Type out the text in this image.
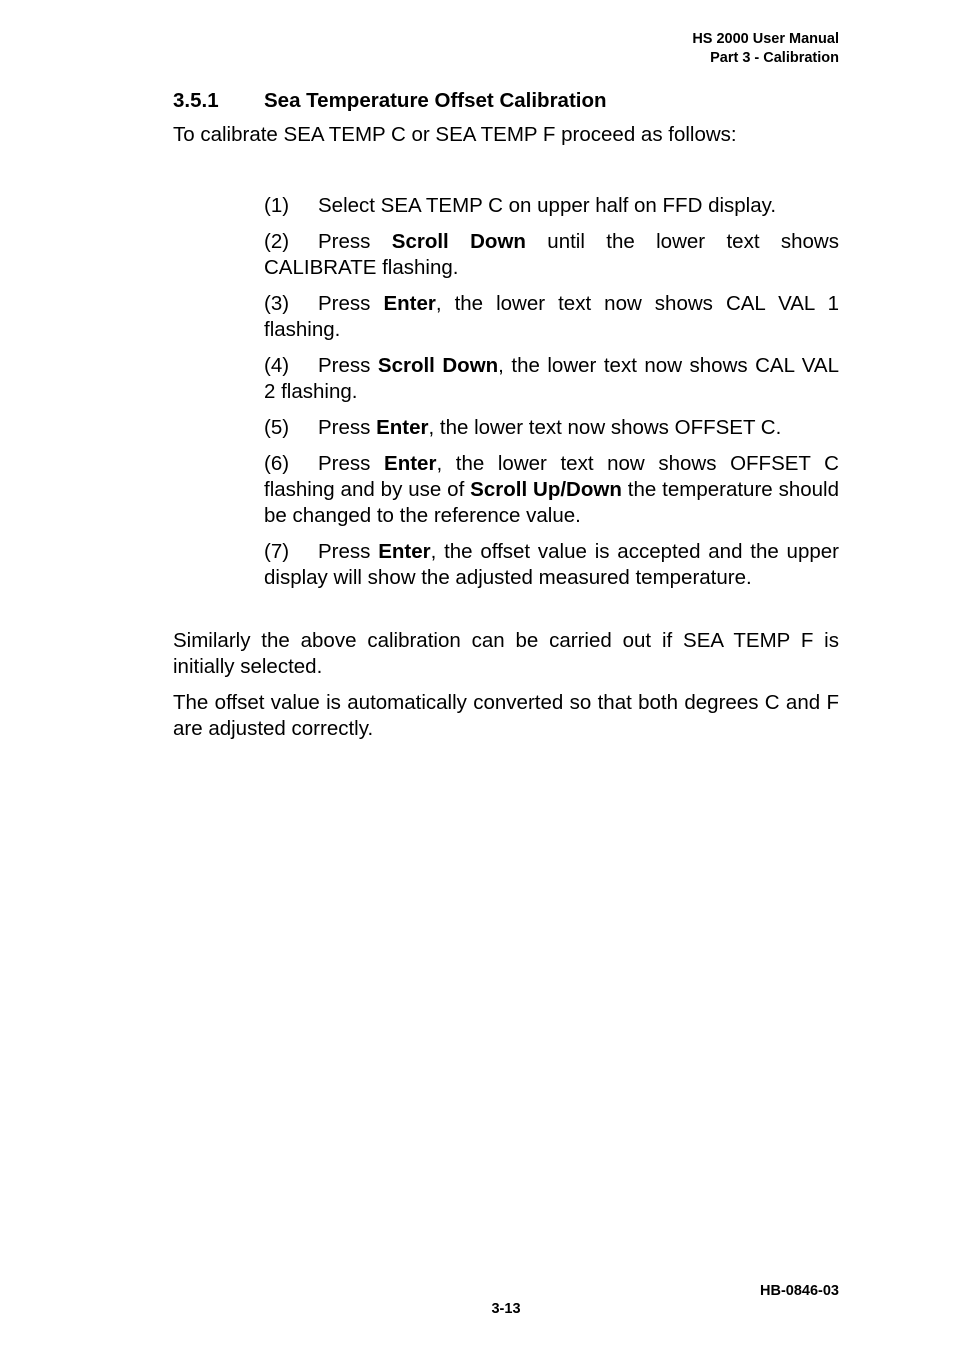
HS 2000 User Manual
Part 3 - Calibration
3.5.1 Sea Temperature Offset Calibration
To calibrate SEA TEMP C or SEA TEMP F proceed as follows:
(1) Select SEA TEMP C on upper half on FFD display.
(2) Press Scroll Down until the lower text shows CALIBRATE flashing.
(3) Press Enter, the lower text now shows CAL VAL 1 flashing.
(4) Press Scroll Down, the lower text now shows CAL VAL 2 flashing.
(5) Press Enter, the lower text now shows OFFSET C.
(6) Press Enter, the lower text now shows OFFSET C flashing and by use of Scroll Up/Down the temperature should be changed to the reference value.
(7) Press Enter, the offset value is accepted and the upper display will show the adjusted measured temperature.

Similarly the above calibration can be carried out if SEA TEMP F is initially selected.

The offset value is automatically converted so that both degrees C and F are adjusted correctly.

HB-0846-03
3-13
